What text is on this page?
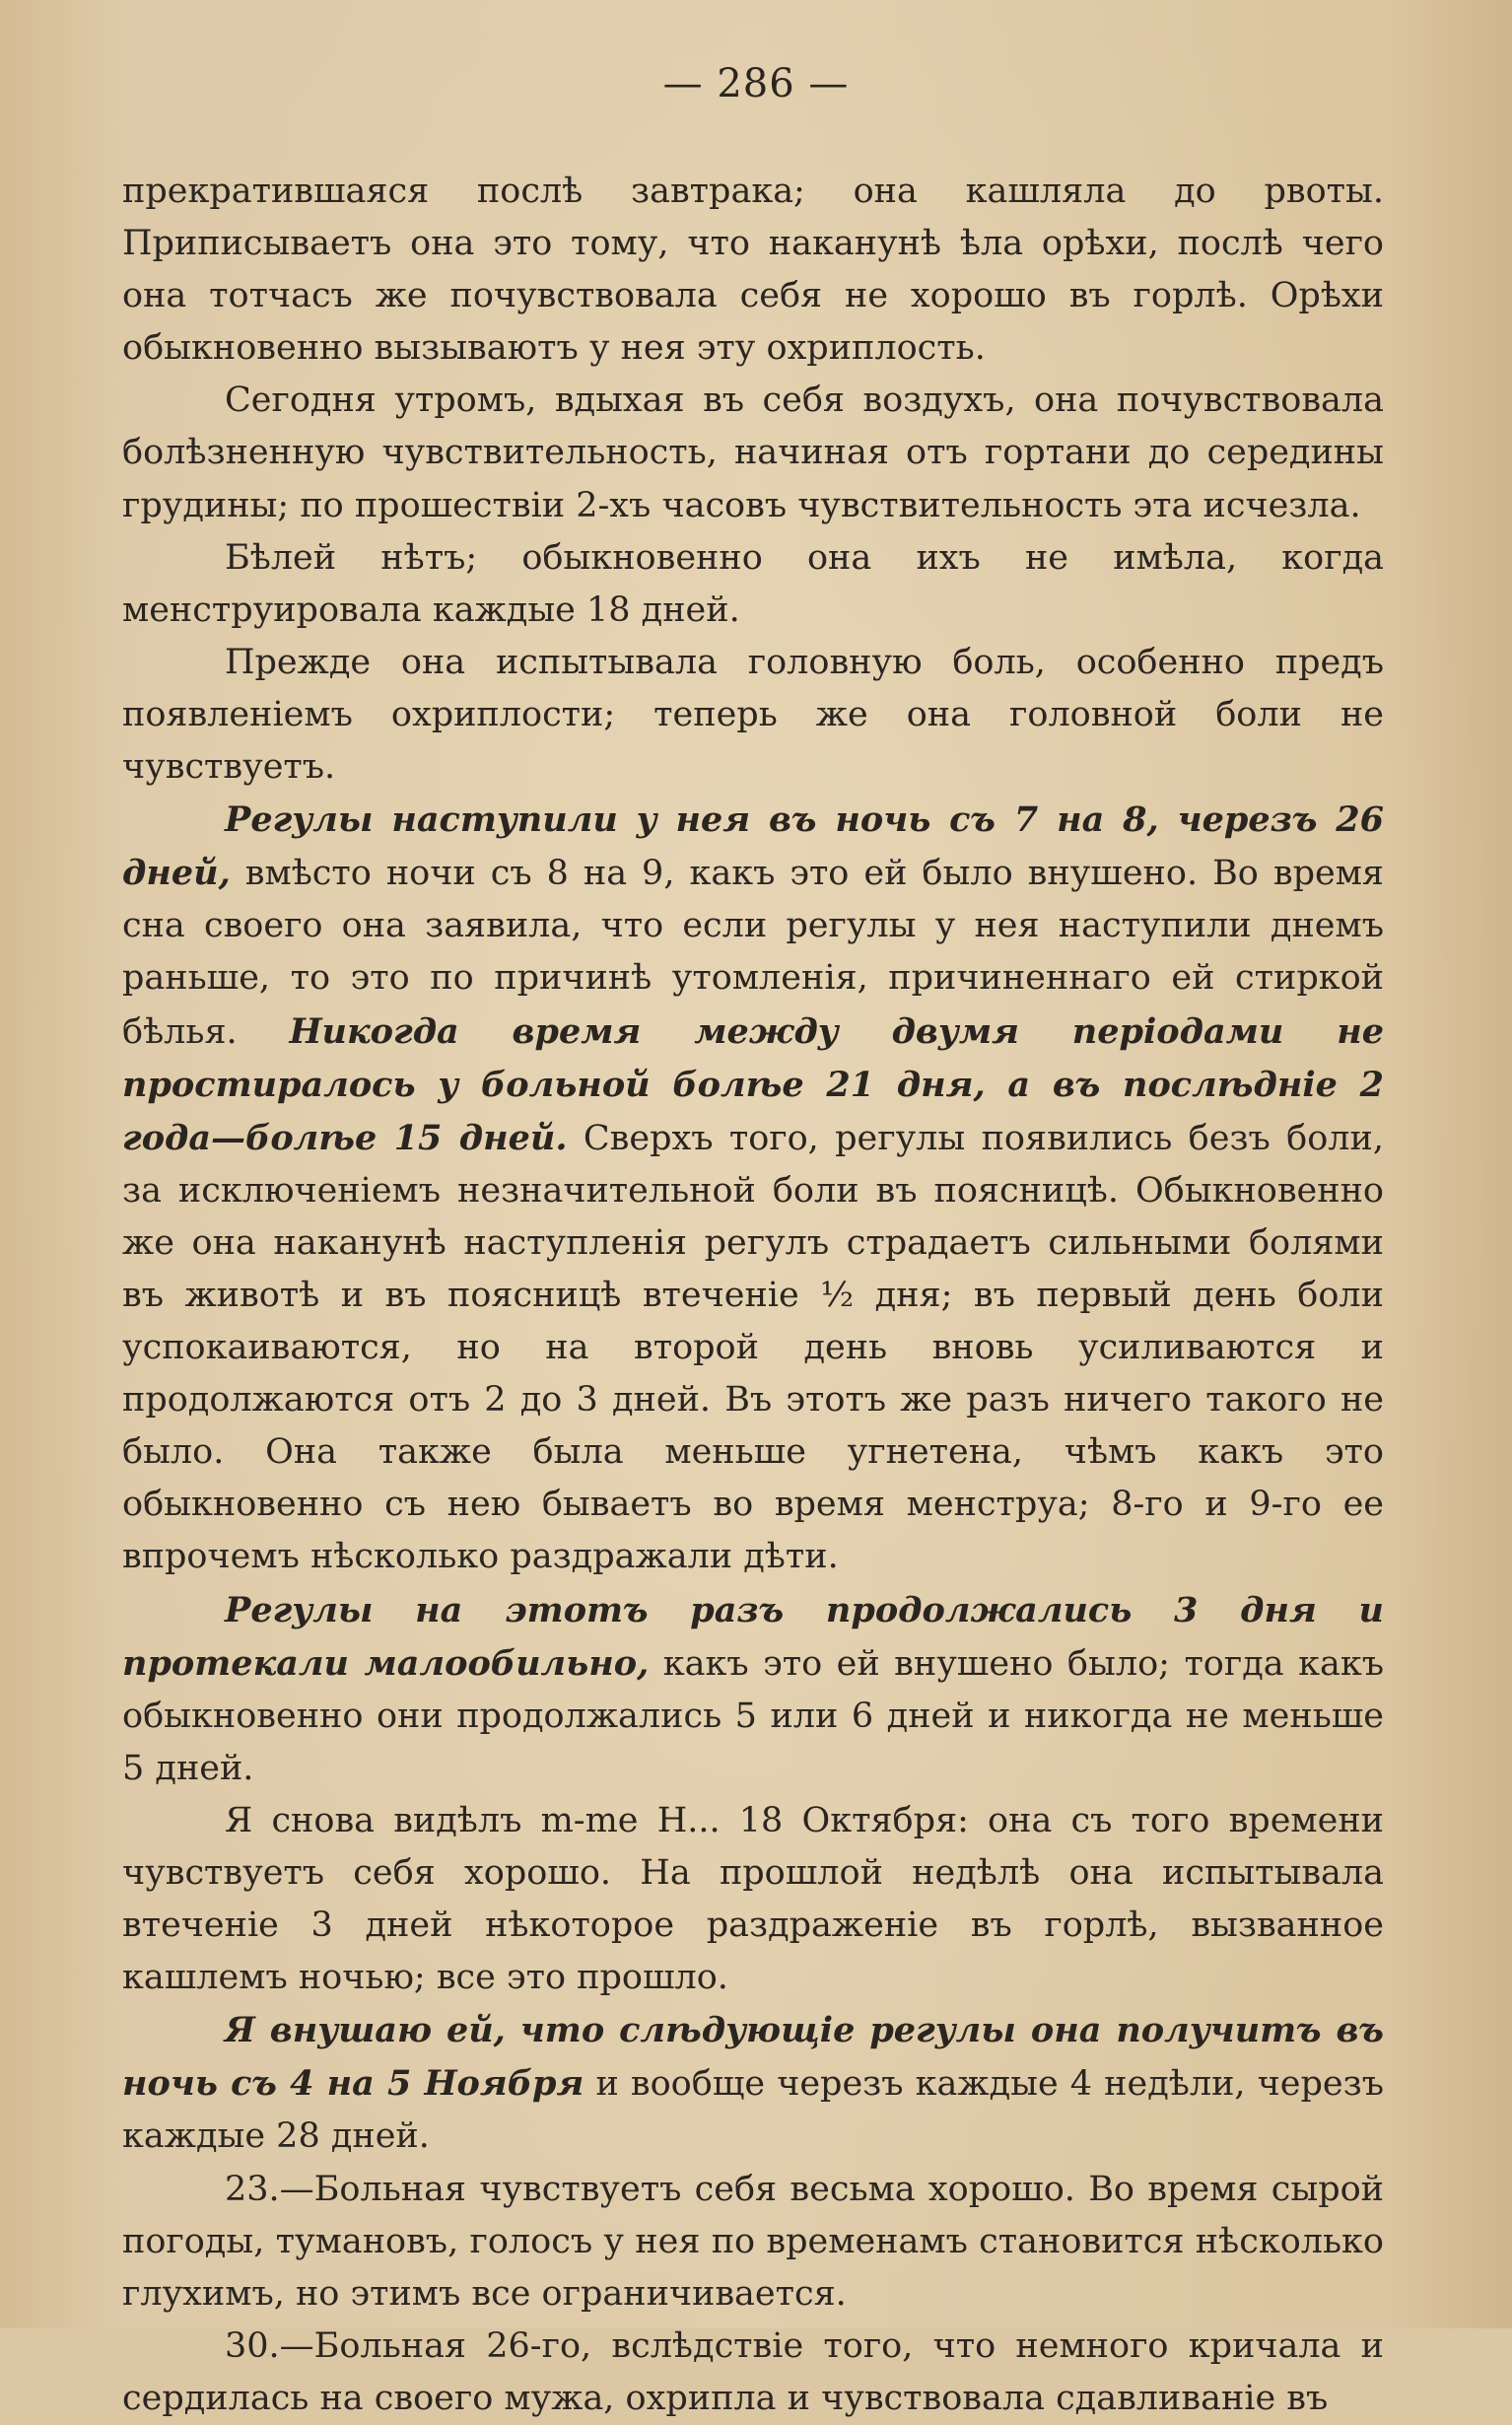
— 286 —

прекратившаяся послѣ завтрака; она кашляла до рвоты. Приписываетъ она это тому, что наканунѣ ѣла орѣхи, послѣ чего она тотчасъ же почувствовала себя не хорошо въ горлѣ. Орѣхи обыкновенно вызываютъ у нея эту охриплость.

Сегодня утромъ, вдыхая въ себя воздухъ, она почувствовала болѣзненную чувствительность, начиная отъ гортани до середины грудины; по прошествіи 2-хъ часовъ чувствительность эта исчезла.

Бѣлей нѣтъ; обыкновенно она ихъ не имѣла, когда менструировала каждые 18 дней.

Прежде она испытывала головную боль, особенно предъ появленіемъ охриплости; теперь же она головной боли не чувствуетъ.

Регулы наступили у нея въ ночь съ 7 на 8, черезъ 26 дней, вмѣсто ночи съ 8 на 9, какъ это ей было внушено. Во время сна своего она заявила, что если регулы у нея наступили днемъ раньше, то это по причинѣ утомленія, причиненнаго ей стиркой бѣлья. Никогда время между двумя періодами не простиралось у больной болѣе 21 дня, а въ послѣдніе 2 года—болѣе 15 дней. Сверхъ того, регулы появились безъ боли, за исключеніемъ незначительной боли въ поясницѣ. Обыкновенно же она наканунѣ наступленія регулъ страдаетъ сильными болями въ животѣ и въ поясницѣ втеченіе ½ дня; въ первый день боли успокаиваются, но на второй день вновь усиливаются и продолжаются отъ 2 до 3 дней. Въ этотъ же разъ ничего такого не было. Она также была меньше угнетена, чѣмъ какъ это обыкновенно съ нею бываетъ во время менструа; 8-го и 9-го ее впрочемъ нѣсколько раздражали дѣти.

Регулы на этотъ разъ продолжались 3 дня и протекали малообильно, какъ это ей внушено было; тогда какъ обыкновенно они продолжались 5 или 6 дней и никогда не меньше 5 дней.

Я снова видѣлъ m-me H... 18 Октября: она съ того времени чувствуетъ себя хорошо. На прошлой недѣлѣ она испытывала втеченіе 3 дней нѣкоторое раздраженіе въ горлѣ, вызванное кашлемъ ночью; все это прошло.

Я внушаю ей, что слѣдующіе регулы она получитъ въ ночь съ 4 на 5 Ноября и вообще черезъ каждые 4 недѣли, черезъ каждые 28 дней.

23.—Больная чувствуетъ себя весьма хорошо. Во время сырой погоды, тумановъ, голосъ у нея по временамъ становится нѣсколько глухимъ, но этимъ все ограничивается.

30.—Больная 26-го, вслѣдствіе того, что немного кричала и сердилась на своего мужа, охрипла и чувствовала сдавливаніе въ
